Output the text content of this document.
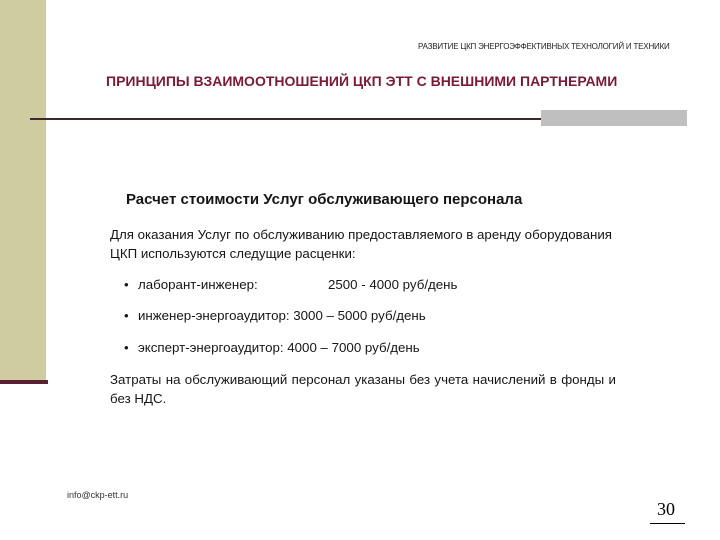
РАЗВИТИЕ ЦКП ЭНЕРГОЭФФЕКТИВНЫХ ТЕХНОЛОГИЙ И ТЕХНИКИ
ПРИНЦИПЫ ВЗАИМООТНОШЕНИЙ ЦКП ЭТТ С ВНЕШНИМИ ПАРТНЕРАМИ
Расчет стоимости Услуг обслуживающего персонала
Для оказания Услуг по обслуживанию предоставляемого в аренду оборудования ЦКП используются следущие расценки:
• лаборант-инженер:	2500 - 4000 руб/день
• инженер-энергоаудитор: 3000 – 5000 руб/день
• эксперт-энергоаудитор: 4000 – 7000 руб/день
Затраты на обслуживающий персонал указаны без учета начислений в фонды и без НДС.
info@ckp-ett.ru
30
